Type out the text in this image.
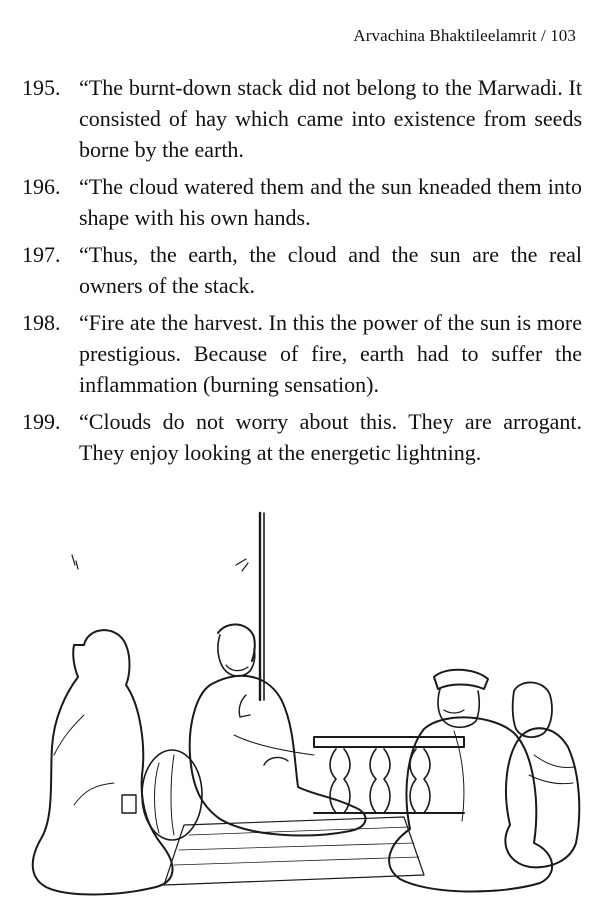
Arvachina Bhaktileelamrit / 103
195. “The burnt-down stack did not belong to the Marwadi. It consisted of hay which came into existence from seeds borne by the earth.
196. “The cloud watered them and the sun kneaded them into shape with his own hands.
197. “Thus, the earth, the cloud and the sun are the real owners of the stack.
198. “Fire ate the harvest. In this the power of the sun is more prestigious. Because of fire, earth had to suffer the inflammation (burning sensation).
199. “Clouds do not worry about this. They are arrogant. They enjoy looking at the energetic lightning.
